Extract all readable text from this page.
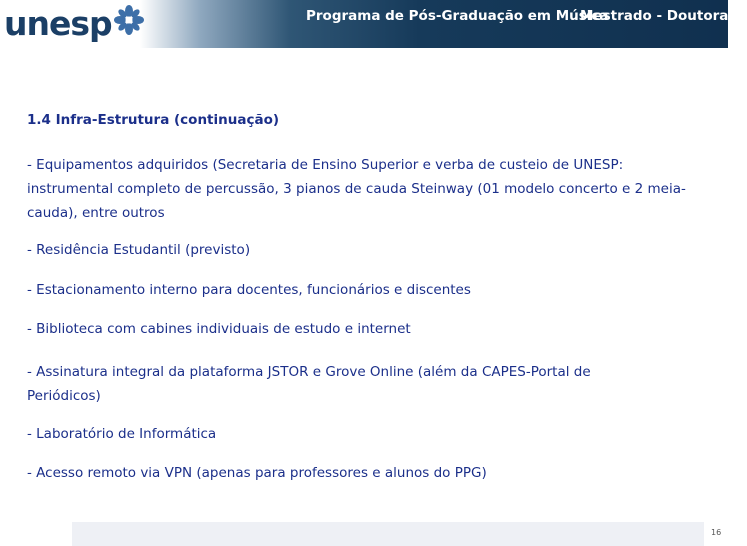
unesp	Programa de Pós-Graduação em Música
Mestrado - Doutorado
1.4 Infra-Estrutura (continuação)
- Equipamentos adquiridos (Secretaria de Ensino Superior e verba de custeio de UNESP: instrumental completo de percussão, 3 pianos de cauda Steinway (01 modelo concerto e 2 meia-cauda), entre outros
- Residência Estudantil (previsto)
- Estacionamento interno para docentes, funcionários e discentes
- Biblioteca com cabines individuais de estudo e internet
- Assinatura integral da plataforma JSTOR e Grove Online (além da CAPES-Portal de Periódicos)
- Laboratório de Informática
- Acesso remoto via VPN (apenas para professores e alunos do PPG)
16
